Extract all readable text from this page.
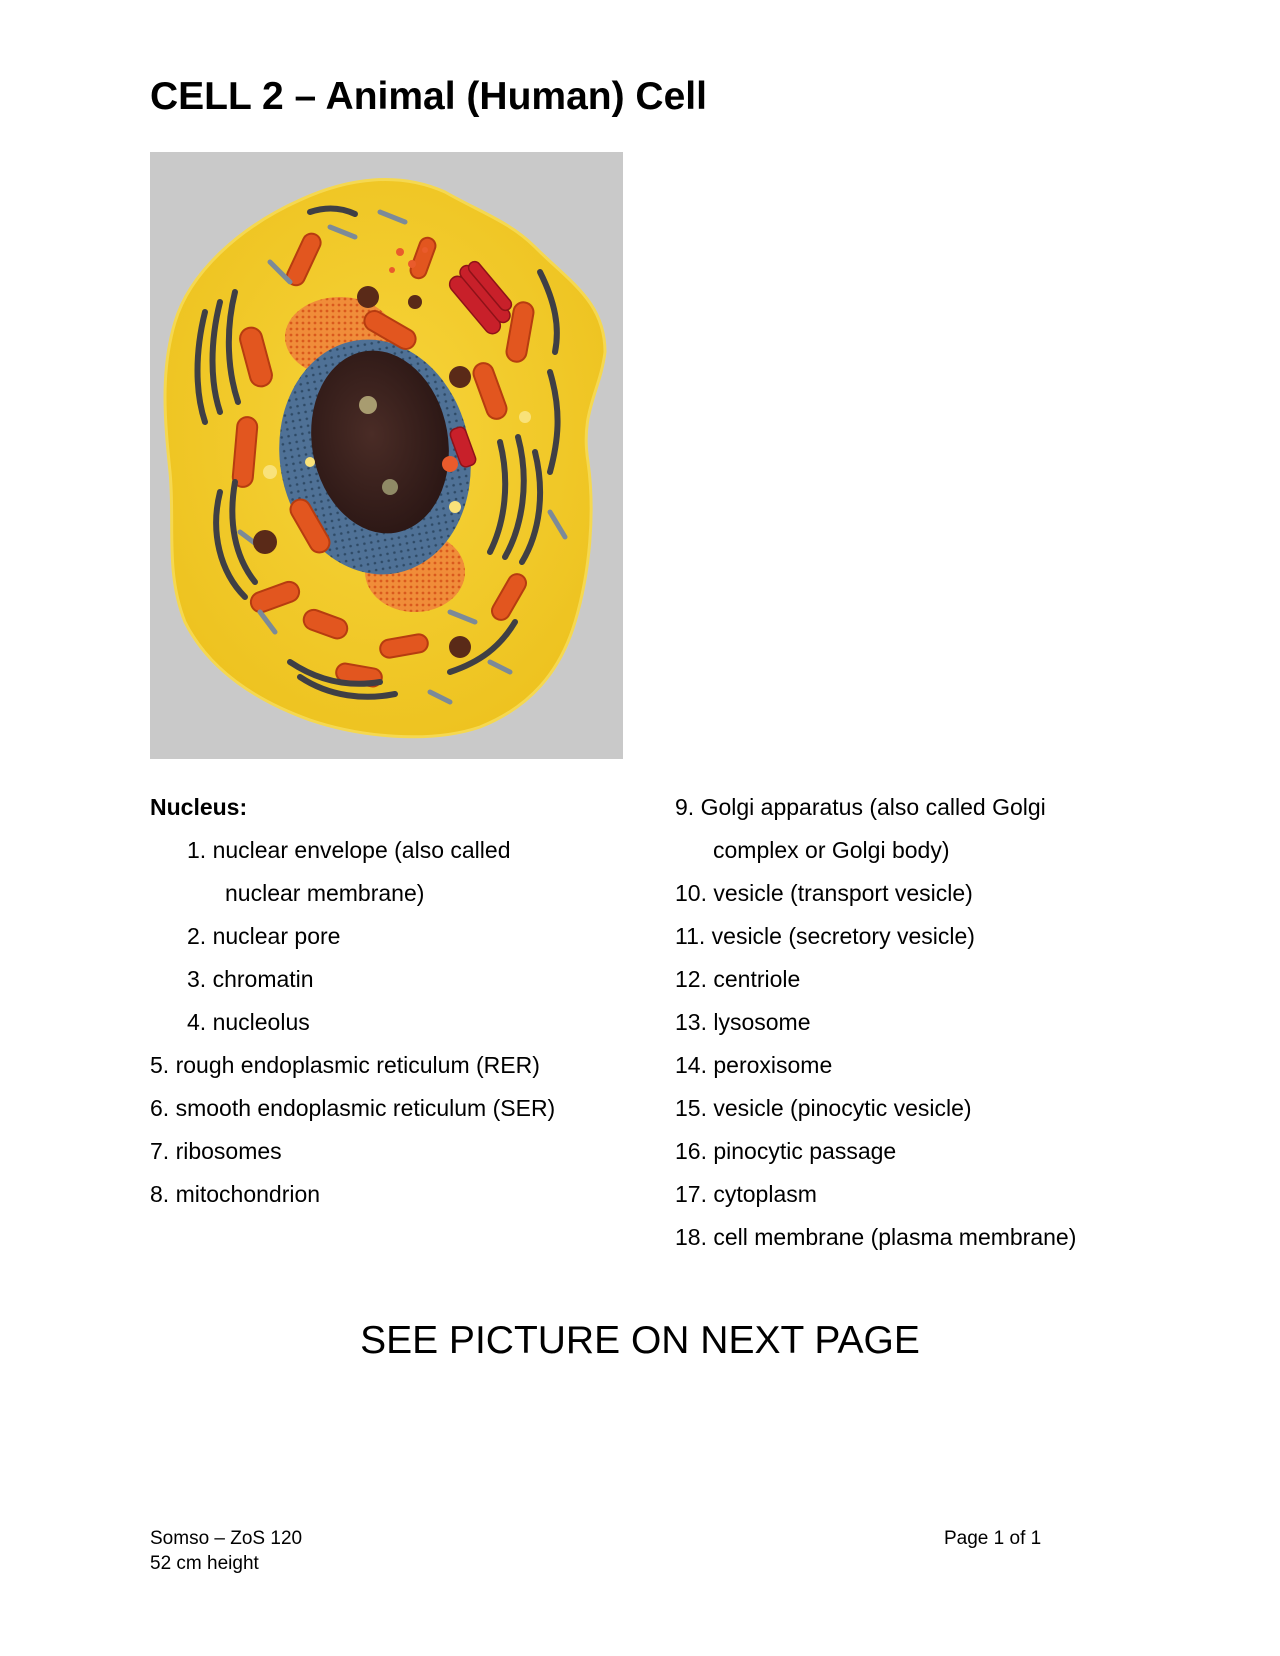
CELL 2 – Animal (Human) Cell
Nucleus:
1. nuclear envelope (also called
nuclear membrane)
2. nuclear pore
3. chromatin
4. nucleolus
5. rough endoplasmic reticulum (RER)
6. smooth endoplasmic reticulum (SER)
7. ribosomes
8. mitochondrion
9. Golgi apparatus (also called Golgi
complex or Golgi body)
10. vesicle (transport vesicle)
11. vesicle (secretory vesicle)
12. centriole
13. lysosome
14. peroxisome
15. vesicle (pinocytic vesicle)
16. pinocytic passage
17. cytoplasm
18. cell membrane (plasma membrane)
SEE PICTURE ON NEXT PAGE
Somso – ZoS 120
52 cm height
Page 1 of 1
